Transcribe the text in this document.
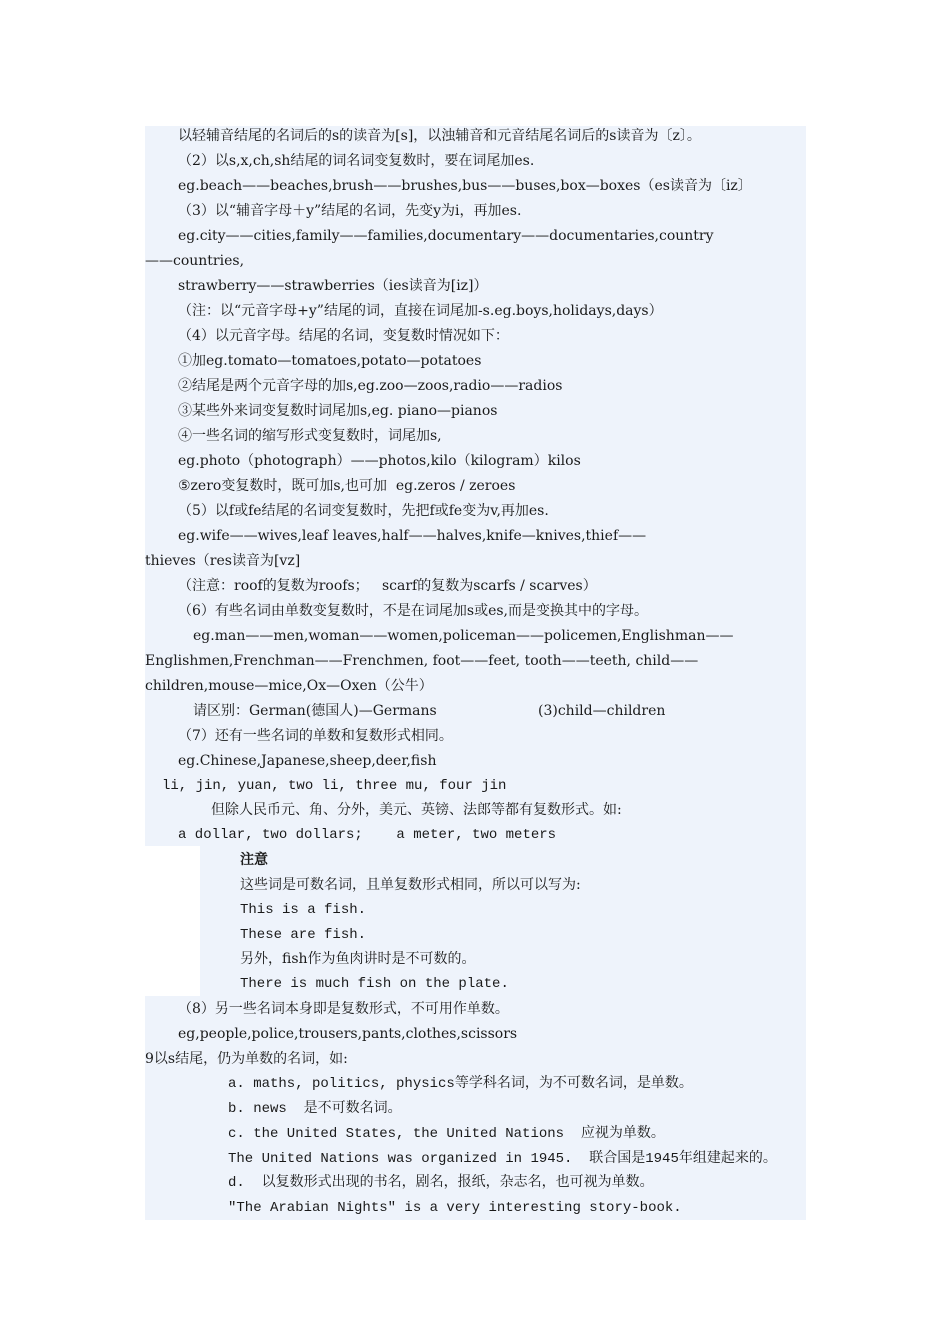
以轻辅音结尾的名词后的s的读音为[s]，以浊辅音和元音结尾名词后的s读音为〔z〕。
（2）以s,x,ch,sh结尾的词名词变复数时，要在词尾加es.
eg.beach——beaches,brush——brushes,bus——buses,box—boxes（es读音为〔iz〕
（3）以“辅音字母＋y”结尾的名词，先变y为i，再加es.
eg.city——cities,family——families,documentary——documentaries,country
——countries,
strawberry——strawberries（ies读音为[iz]）
（注：以“元音字母+y”结尾的词，直接在词尾加-s.eg.boys,holidays,days）
（4）以元音字母。结尾的名词，变复数时情况如下：
①加eg.tomato—tomatoes,potato—potatoes
②结尾是两个元音字母的加s,eg.zoo—zoos,radio——radios
③某些外来词变复数时词尾加s,eg. piano—pianos
④一些名词的缩写形式变复数时，词尾加s,
eg.photo（photograph）——photos,kilo（kilogram）kilos
⑤zero变复数时，既可加s,也可加  eg.zeros / zeroes
（5）以f或fe结尾的名词变复数时，先把f或fe变为v,再加es.
eg.wife——wives,leaf leaves,half——halves,knife—knives,thief——
thieves（res读音为[vz]
（注意：roof的复数为roofs；   scarf的复数为scarfs / scarves）
（6）有些名词由单数变复数时，不是在词尾加s或es,而是变换其中的字母。
eg.man——men,woman——women,policeman——policemen,Englishman——
Englishmen,Frenchman——Frenchmen, foot——feet, tooth——teeth, child——
children,mouse—mice,Ox—Oxen（公牛）
请区别：German(德国人)—Germans	(3)child—children
（7）还有一些名词的单数和复数形式相同。
eg.Chinese,Japanese,sheep,deer,fish
li, jin, yuan, two li, three mu, four jin
但除人民币元、角、分外，美元、英镑、法郎等都有复数形式。如:
a dollar, two dollars;    a meter, two meters
注意
这些词是可数名词，且单复数形式相同，所以可以写为:
This is a fish.
These are fish.
另外，fish作为鱼肉讲时是不可数的。
There is much fish on the plate.
（8）另一些名词本身即是复数形式，不可用作单数。
eg,people,police,trousers,pants,clothes,scissors
9以s结尾，仍为单数的名词，如:
a. maths, politics, physics等学科名词，为不可数名词，是单数。
b. news  是不可数名词。
c. the United States, the United Nations  应视为单数。
The United Nations was organized in 1945.  联合国是1945年组建起来的。
d.  以复数形式出现的书名，剧名，报纸，杂志名，也可视为单数。
"The Arabian Nights" is a very interesting story-book.
